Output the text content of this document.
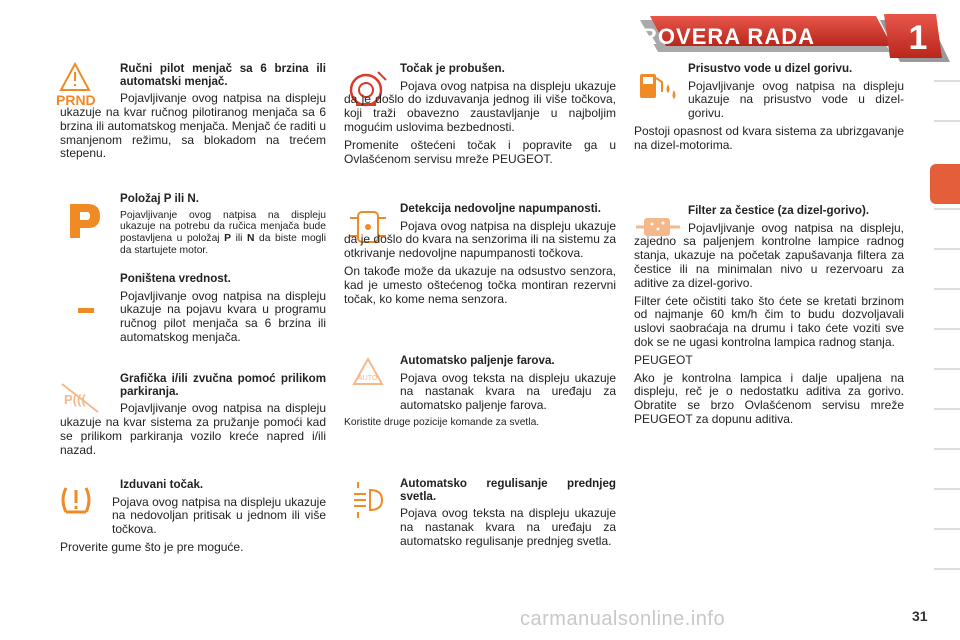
PROVERA RADA	1
PRND
Ručni pilot menjač sa 6 brzina ili automatski menjač.

Pojavljivanje ovog natpisa na displeju ukazuje na kvar ručnog pilotiranog menjača sa 6 brzina ili automatskog menjača. Menjač će raditi u smanjenom režimu, sa blokadom na trećem stepenu.

Položaj P ili N.

Pojavljivanje ovog natpisa na displeju ukazuje na potrebu da ručica menjača bude postavljena u položaj P ili N da biste mogli da startujete motor.

Poništena vrednost.

Pojavljivanje ovog natpisa na displeju ukazuje na pojavu kvara u programu ručnog pilot menjača sa 6 brzina ili automatskog menjača.

P(((
Grafička i/ili zvučna pomoć prilikom parkiranja.

Pojavljivanje ovog natpisa na displeju ukazuje na kvar sistema za pružanje pomoći kad se prilikom parkiranja vozilo kreće napred i/ili nazad.

Izduvani točak.

Pojava ovog natpisa na displeju ukazuje na nedovoljan pritisak u jednom ili više točkova.

Proverite gume što je pre moguće.

Točak je probušen.

Pojava ovog natpisa na displeju ukazuje da je došlo do izduvavanja jednog ili više točkova, koji traži obavezno zaustavljanje u najboljim mogućim uslovima bezbednosti.

Promenite oštećeni točak i popravite ga u Ovlašćenom servisu mreže PEUGEOT.

Detekcija nedovoljne napumpanosti.

Pojava ovog natpisa na displeju ukazuje da je došlo do kvara na senzorima ili na sistemu za otkrivanje nedovoljne napumpanosti točkova.

On takođe može da ukazuje na odsustvo senzora, kad je umesto oštećenog točka montiran rezervni točak, ko kome nema senzora.

AUTO
Automatsko paljenje farova.

Pojava ovog teksta na displeju ukazuje na nastanak kvara na uređaju za automatsko paljenje farova.

Koristite druge pozicije komande za svetla.

Automatsko regulisanje prednjeg svetla.

Pojava ovog teksta na displeju ukazuje na nastanak kvara na uređaju za automatsko regulisanje prednjeg svetla.

Prisustvo vode u dizel gorivu.

Pojavljivanje ovog natpisa na displeju ukazuje na prisustvo vode u dizel-gorivu.

Postoji opasnost od kvara sistema za ubrizgavanje na dizel-motorima.

Filter za čestice (za dizel-gorivo).

Pojavljivanje ovog natpisa na displeju, zajedno sa paljenjem kontrolne lampice radnog stanja, ukazuje na početak zapušavanja filtera za čestice ili na minimalan nivo u rezervoaru za aditive za dizel-gorivo.

Filter ćete očistiti tako što ćete se kretati brzinom od najmanje 60 km/h čim to budu dozvoljavali uslovi saobraćaja na drumu i tako ćete voziti sve dok se ne ugasi kontrolna lampica radnog stanja.

PEUGEOT

Ako je kontrolna lampica i dalje upaljena na displeju, reč je o nedostatku aditiva za gorivo. Obratite se brzo Ovlašćenom servisu mreže PEUGEOT za dopunu aditiva.

carmanualsonline.info	31
